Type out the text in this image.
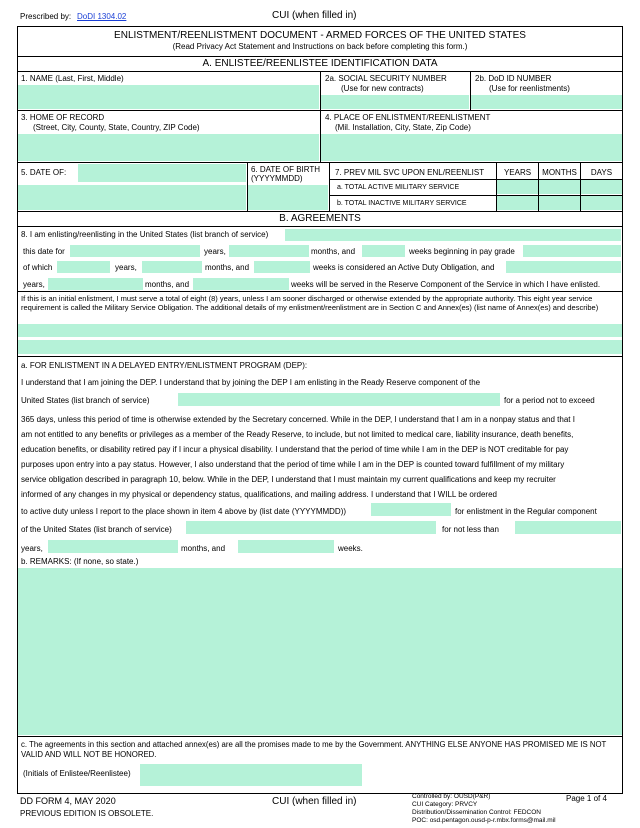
Prescribed by: DoDI 1304.02	CUI (when filled in)
ENLISTMENT/REENLISTMENT DOCUMENT - ARMED FORCES OF THE UNITED STATES
(Read Privacy Act Statement and Instructions on back before completing this form.)
A. ENLISTEE/REENLISTEE IDENTIFICATION DATA
1. NAME (Last, First, Middle)	2a. SOCIAL SECURITY NUMBER
(Use for new contracts)
2b. DoD ID NUMBER
(Use for reenlistments)
3. HOME OF RECORD
(Street, City, County, State, Country, ZIP Code)
4. PLACE OF ENLISTMENT/REENLISTMENT
(Mil. Installation, City, State, Zip Code)
5. DATE OF:	6. DATE OF BIRTH
(YYYYMMDD)
7. PREV MIL SVC UPON ENL/REENLIST	YEARS	MONTHS	DAYS
a. TOTAL ACTIVE MILITARY SERVICE
b. TOTAL INACTIVE MILITARY SERVICE
B. AGREEMENTS
8. I am enlisting/reenlisting in the United States (list branch of service)
this date for	years,	months, and	weeks beginning in pay grade
of which	years,	months, and	weeks is considered an Active Duty Obligation, and
years,	months, and	weeks will be served in the Reserve Component of the Service in which I have enlisted.
If this is an initial enlistment, I must serve a total of eight (8) years, unless I am sooner discharged or otherwise extended by the appropriate authority. This eight year service requirement is called the Military Service Obligation. The additional details of my enlistment/reenlistment are in Section C and Annex(es) (list name of Annex(es) and describe)
a. FOR ENLISTMENT IN A DELAYED ENTRY/ENLISTMENT PROGRAM (DEP):
I understand that I am joining the DEP. I understand that by joining the DEP I am enlisting in the Ready Reserve component of the
United States (list branch of service)	for a period not to exceed
365 days, unless this period of time is otherwise extended by the Secretary concerned. While in the DEP, I understand that I am in a nonpay status and that I
am not entitled to any benefits or privileges as a member of the Ready Reserve, to include, but not limited to medical care, liability insurance, death benefits,
education benefits, or disability retired pay if I incur a physical disability. I understand that the period of time while I am in the DEP is NOT creditable for pay
purposes upon entry into a pay status. However, I also understand that the period of time while I am in the DEP is counted toward fulfillment of my military
service obligation described in paragraph 10, below. While in the DEP, I understand that I must maintain my current qualifications and keep my recruiter
informed of any changes in my physical or dependency status, qualifications, and mailing address. I understand that I WILL be ordered
to active duty unless I report to the place shown in item 4 above by (list date (YYYYMMDD))	for enlistment in the Regular component
of the United States (list branch of service)	for not less than
years,	months, and	weeks.
b. REMARKS: (If none, so state.)
c. The agreements in this section and attached annex(es) are all the promises made to me by the Government. ANYTHING ELSE ANYONE HAS PROMISED ME IS NOT VALID AND WILL NOT BE HONORED.
(Initials of Enlistee/Reenlistee)
DD FORM 4, MAY 2020
PREVIOUS EDITION IS OBSOLETE.
CUI (when filled in)	Controlled by: OUSD(P&R)
CUI Category: PRVCY
Distribution/Dissemination Control: FEDCON
POC: osd.pentagon.ousd-p-r.mbx.forms@mail.mil
Page 1 of 4
